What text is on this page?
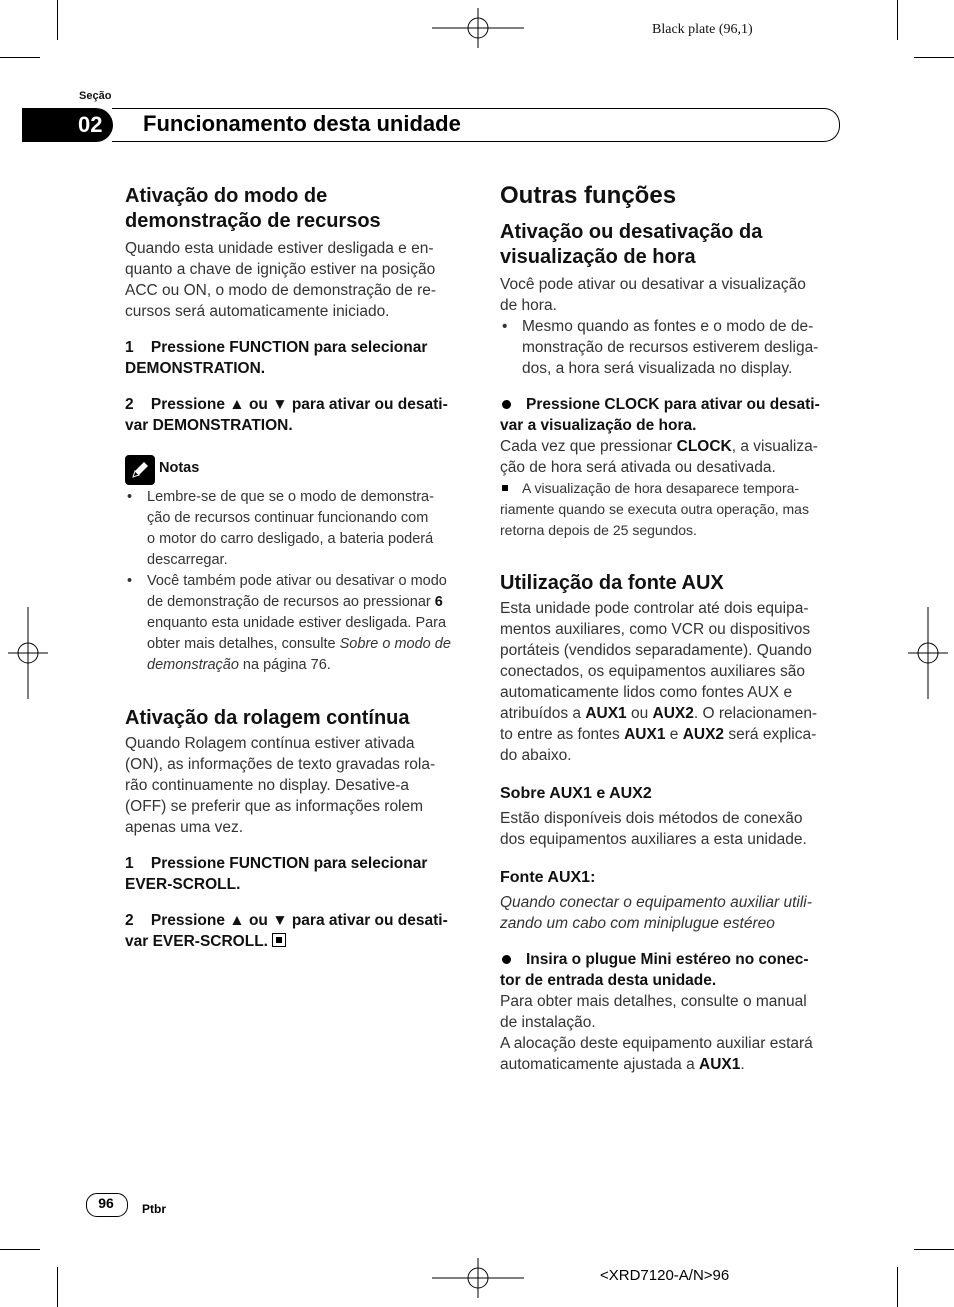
Black plate (96,1)
Seção
02 Funcionamento desta unidade
Ativação do modo de demonstração de recursos
Quando esta unidade estiver desligada e en-
quanto a chave de ignição estiver na posição
ACC ou ON, o modo de demonstração de re-
cursos será automaticamente iniciado.
1 Pressione FUNCTION para selecionar
DEMONSTRATION.
2 Pressione ▲ ou ▼ para ativar ou desati-
var DEMONSTRATION.
Notas
• Lembre-se de que se o modo de demonstra-
ção de recursos continuar funcionando com
o motor do carro desligado, a bateria poderá
descarregar.
• Você também pode ativar ou desativar o modo
de demonstração de recursos ao pressionar 6
enquanto esta unidade estiver desligada. Para
obter mais detalhes, consulte Sobre o modo de
demonstração na página 76.
Ativação da rolagem contínua
Quando Rolagem contínua estiver ativada
(ON), as informações de texto gravadas rola-
rão continuamente no display. Desative-a
(OFF) se preferir que as informações rolem
apenas uma vez.
1 Pressione FUNCTION para selecionar
EVER-SCROLL.
2 Pressione ▲ ou ▼ para ativar ou desati-
var EVER-SCROLL.
Outras funções
Ativação ou desativação da visualização de hora
Você pode ativar ou desativar a visualização
de hora.
• Mesmo quando as fontes e o modo de de-
monstração de recursos estiverem desliga-
dos, a hora será visualizada no display.
Pressione CLOCK para ativar ou desati-
var a visualização de hora.
Cada vez que pressionar CLOCK, a visualiza-
ção de hora será ativada ou desativada.
A visualização de hora desaparece tempora-
riamente quando se executa outra operação, mas
retorna depois de 25 segundos.
Utilização da fonte AUX
Esta unidade pode controlar até dois equipa-
mentos auxiliares, como VCR ou dispositivos
portáteis (vendidos separadamente). Quando
conectados, os equipamentos auxiliares são
automaticamente lidos como fontes AUX e
atribuídos a AUX1 ou AUX2. O relacionamen-
to entre as fontes AUX1 e AUX2 será explica-
do abaixo.
Sobre AUX1 e AUX2
Estão disponíveis dois métodos de conexão
dos equipamentos auxiliares a esta unidade.
Fonte AUX1:
Quando conectar o equipamento auxiliar utili-
zando um cabo com miniplugue estéreo
Insira o plugue Mini estéreo no conec-
tor de entrada desta unidade.
Para obter mais detalhes, consulte o manual
de instalação.
A alocação deste equipamento auxiliar estará
automaticamente ajustada a AUX1.
96	Ptbr
<XRD7120-A/N>96
